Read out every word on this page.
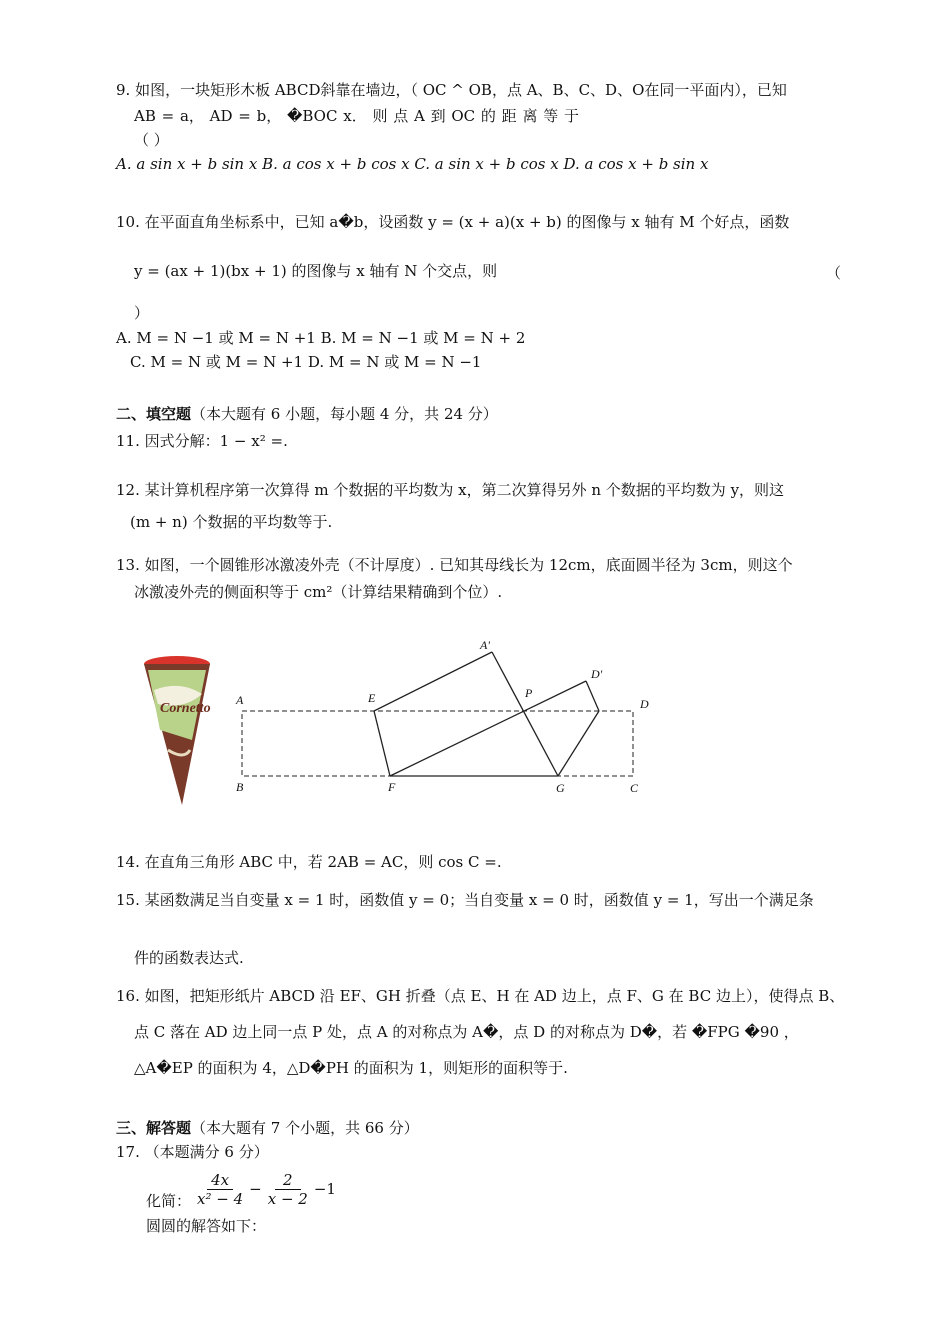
9. 如图，一块矩形木板 ABCD斜靠在墙边，（ OC ^ OB，点 A、B、C、D、O在同一平面内），已知
AB = a， AD = b， �BOC x． 则 点 A 到 OC 的 距 离 等 于
（ ）
A. a sin x + b sin x B. a cos x + b cos x C. a sin x + b cos x D. a cos x + b sin x
10. 在平面直角坐标系中，已知 a�b，设函数 y = (x + a)(x + b) 的图像与 x 轴有 M 个好点，函数
y = (ax + 1)(bx + 1) 的图像与 x 轴有 N 个交点，则	（
）
A. M = N −1 或 M = N +1 B. M = N −1 或 M = N + 2
C. M = N 或 M = N +1 D. M = N 或 M = N −1
二、填空题（本大题有 6 小题，每小题 4 分，共 24 分）
11. 因式分解：1 − x² =.
12. 某计算机程序第一次算得 m 个数据的平均数为 x，第二次算得另外 n 个数据的平均数为 y，则这
(m + n) 个数据的平均数等于.
13. 如图，一个圆锥形冰激凌外壳（不计厚度）. 已知其母线长为 12cm，底面圆半径为 3cm，则这个
冰激凌外壳的侧面积等于 cm²（计算结果精确到个位）.
Cornetto
A'
D'
A	E	P
D
B	F	G	C
14. 在直角三角形 ABC 中，若 2AB = AC，则 cos C =.
15. 某函数满足当自变量 x = 1 时，函数值 y = 0；当自变量 x = 0 时，函数值 y = 1，写出一个满足条
件的函数表达式.
16. 如图，把矩形纸片 ABCD 沿 EF、GH 折叠（点 E、H 在 AD 边上，点 F、G 在 BC 边上），使得点 B、
点 C 落在 AD 边上同一点 P 处，点 A 的对称点为 A�，点 D 的对称点为 D�，若 �FPG �90 ，
△A�EP 的面积为 4，△D�PH 的面积为 1，则矩形的面积等于.
三、解答题（本大题有 7 个小题，共 66 分）
17. （本题满分 6 分）
化简： $\frac{4x}{\text{x² − 4}} - \frac{2}{x - 2} -1$
圆圆的解答如下：
